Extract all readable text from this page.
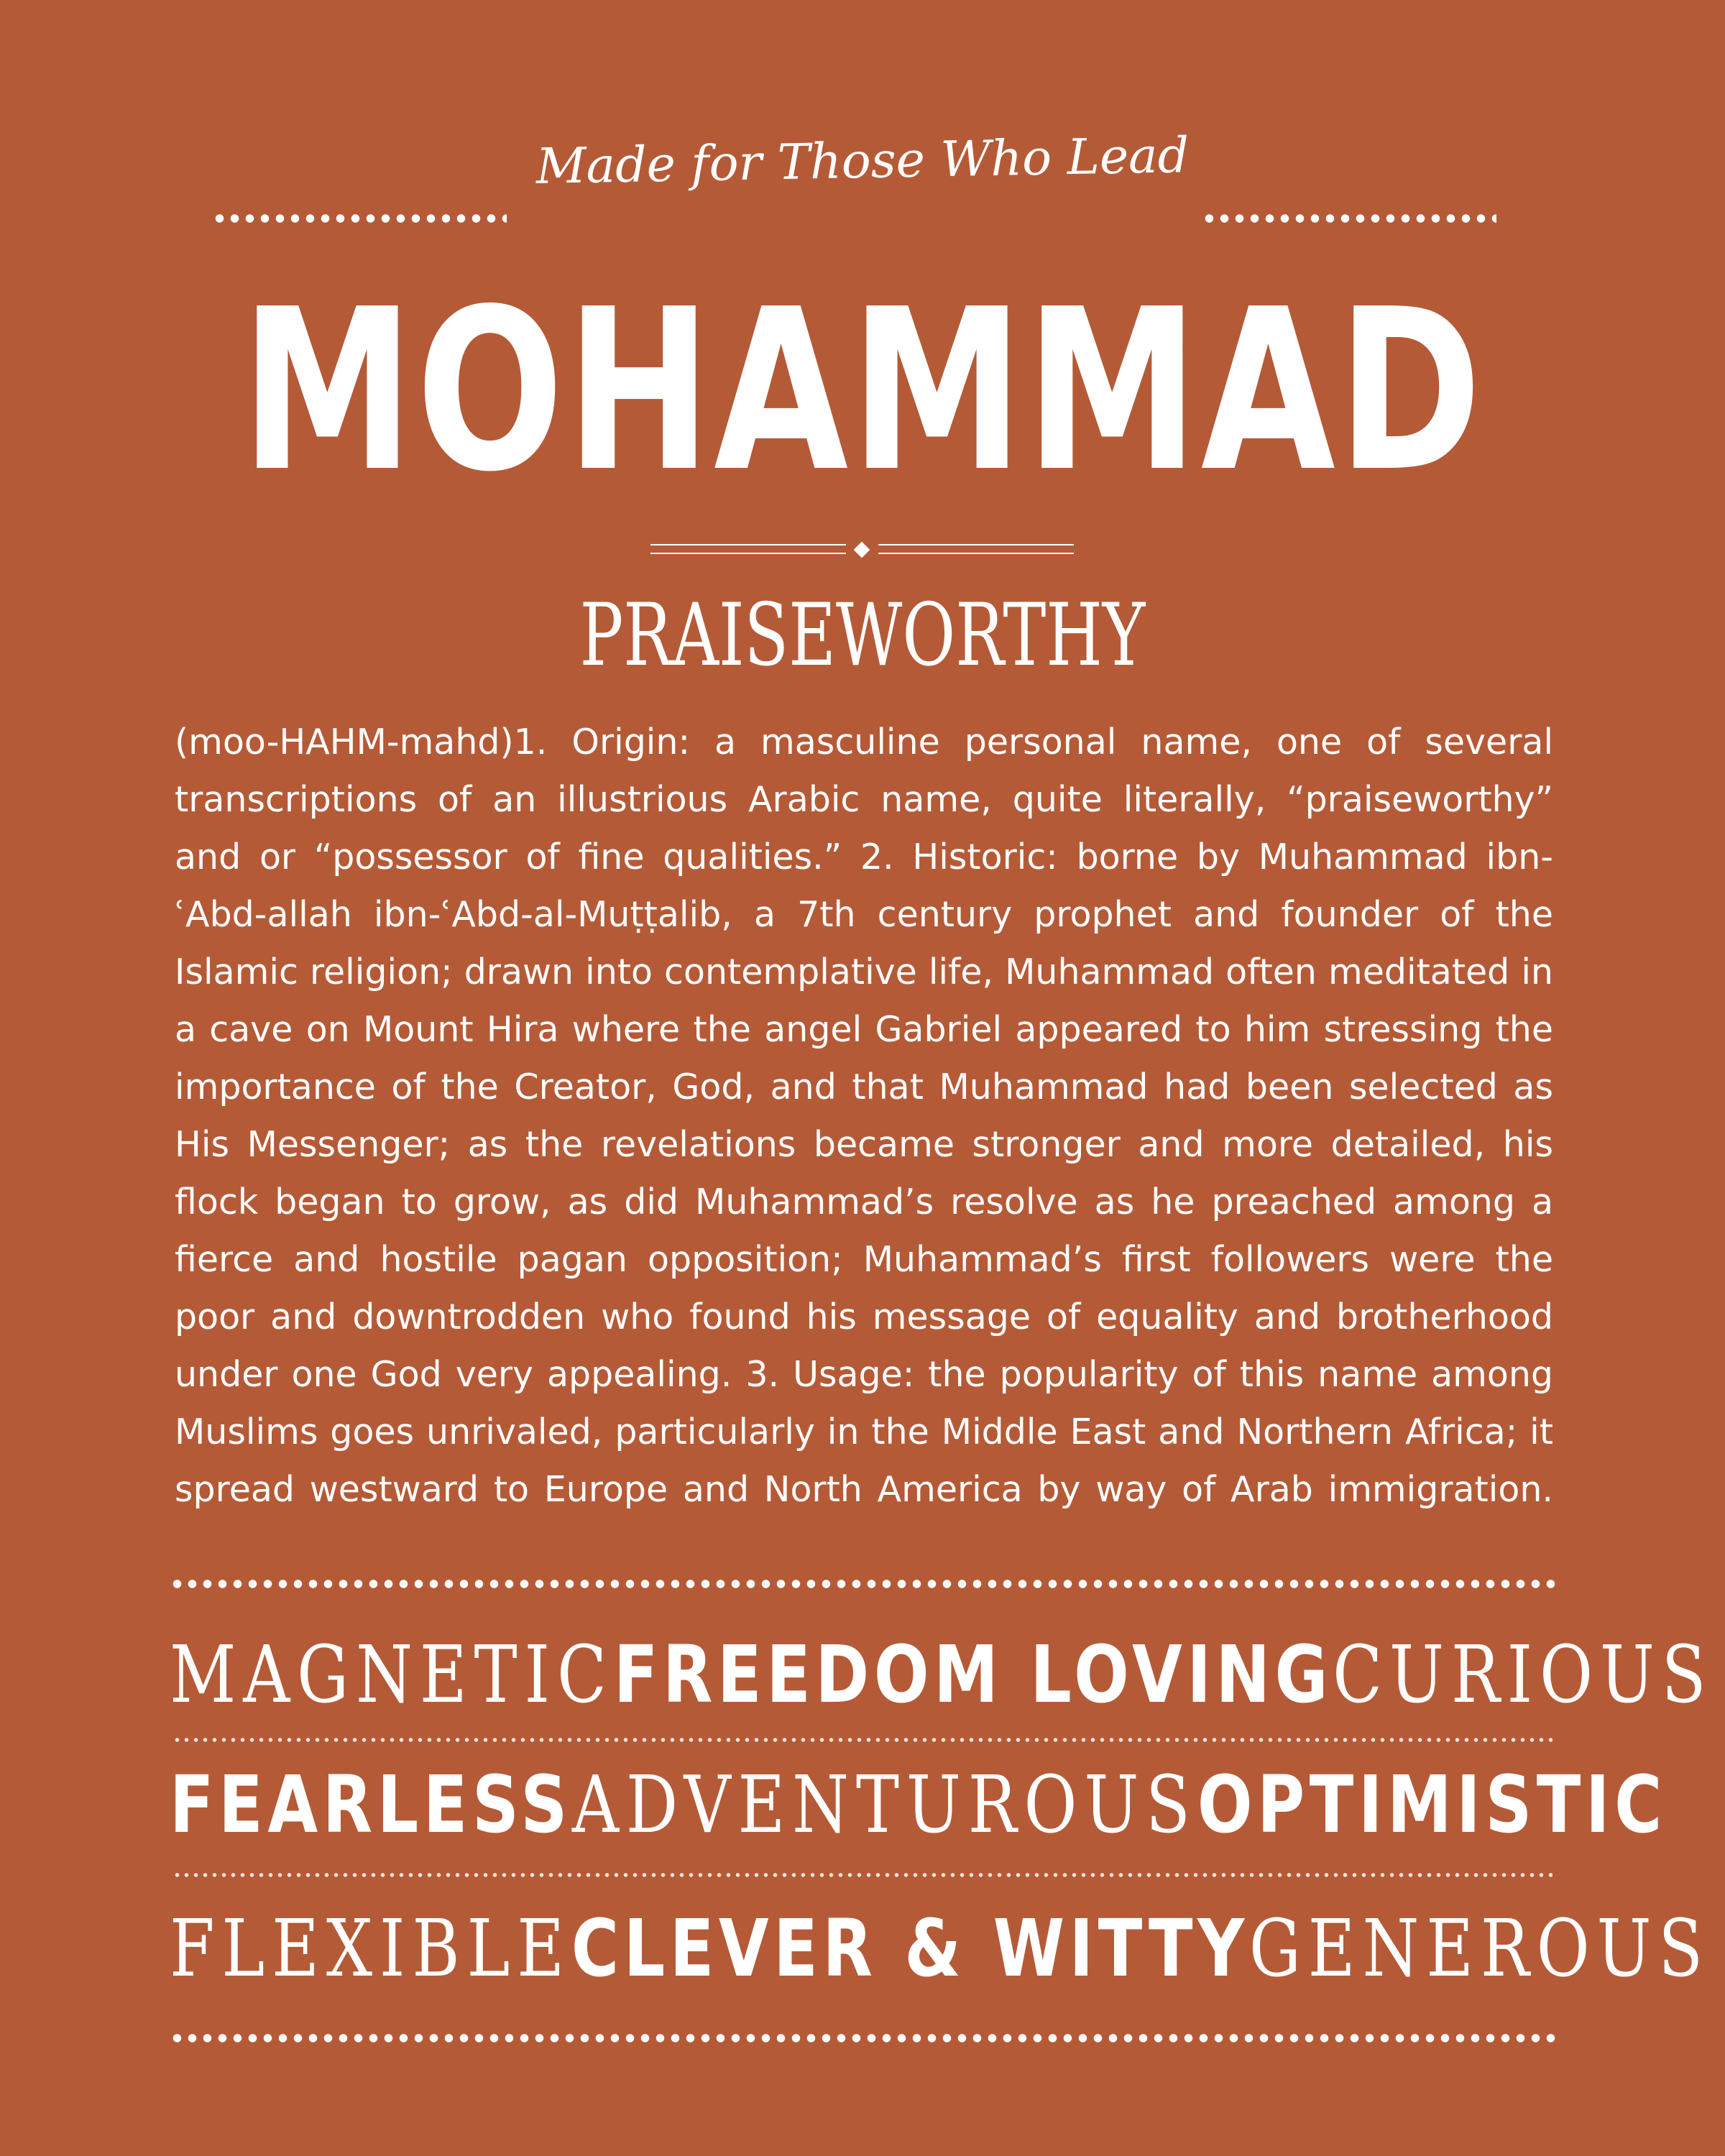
Made for Those Who Lead
MOHAMMAD
PRAISEWORTHY

(moo-HAHM-mahd)1. Origin: a masculine personal name, one of several transcriptions of an illustrious Arabic name, quite literally, “praiseworthy” and or “possessor of fine qualities.” 2. Historic: borne by Muhammad ibn-ʿAbd-allah ibn-ʿAbd-al-Muṭṭalib, a 7th century prophet and founder of the Islamic religion; drawn into contemplative life, Muhammad often meditated in a cave on Mount Hira where the angel Gabriel appeared to him stressing the importance of the Creator, God, and that Muhammad had been selected as His Messenger; as the revelations became stronger and more detailed, his flock began to grow, as did Muhammad’s resolve as he preached among a fierce and hostile pagan opposition; Muhammad’s first followers were the poor and downtrodden who found his message of equality and brotherhood under one God very appealing. 3. Usage: the popularity of this name among Muslims goes unrivaled, particularly in the Middle East and Northern Africa; it spread westward to Europe and North America by way of Arab immigration.

MAGNETIC FREEDOM LOVING CURIOUS
FEARLESS ADVENTUROUS OPTIMISTIC
FLEXIBLE CLEVER & WITTY GENEROUS
